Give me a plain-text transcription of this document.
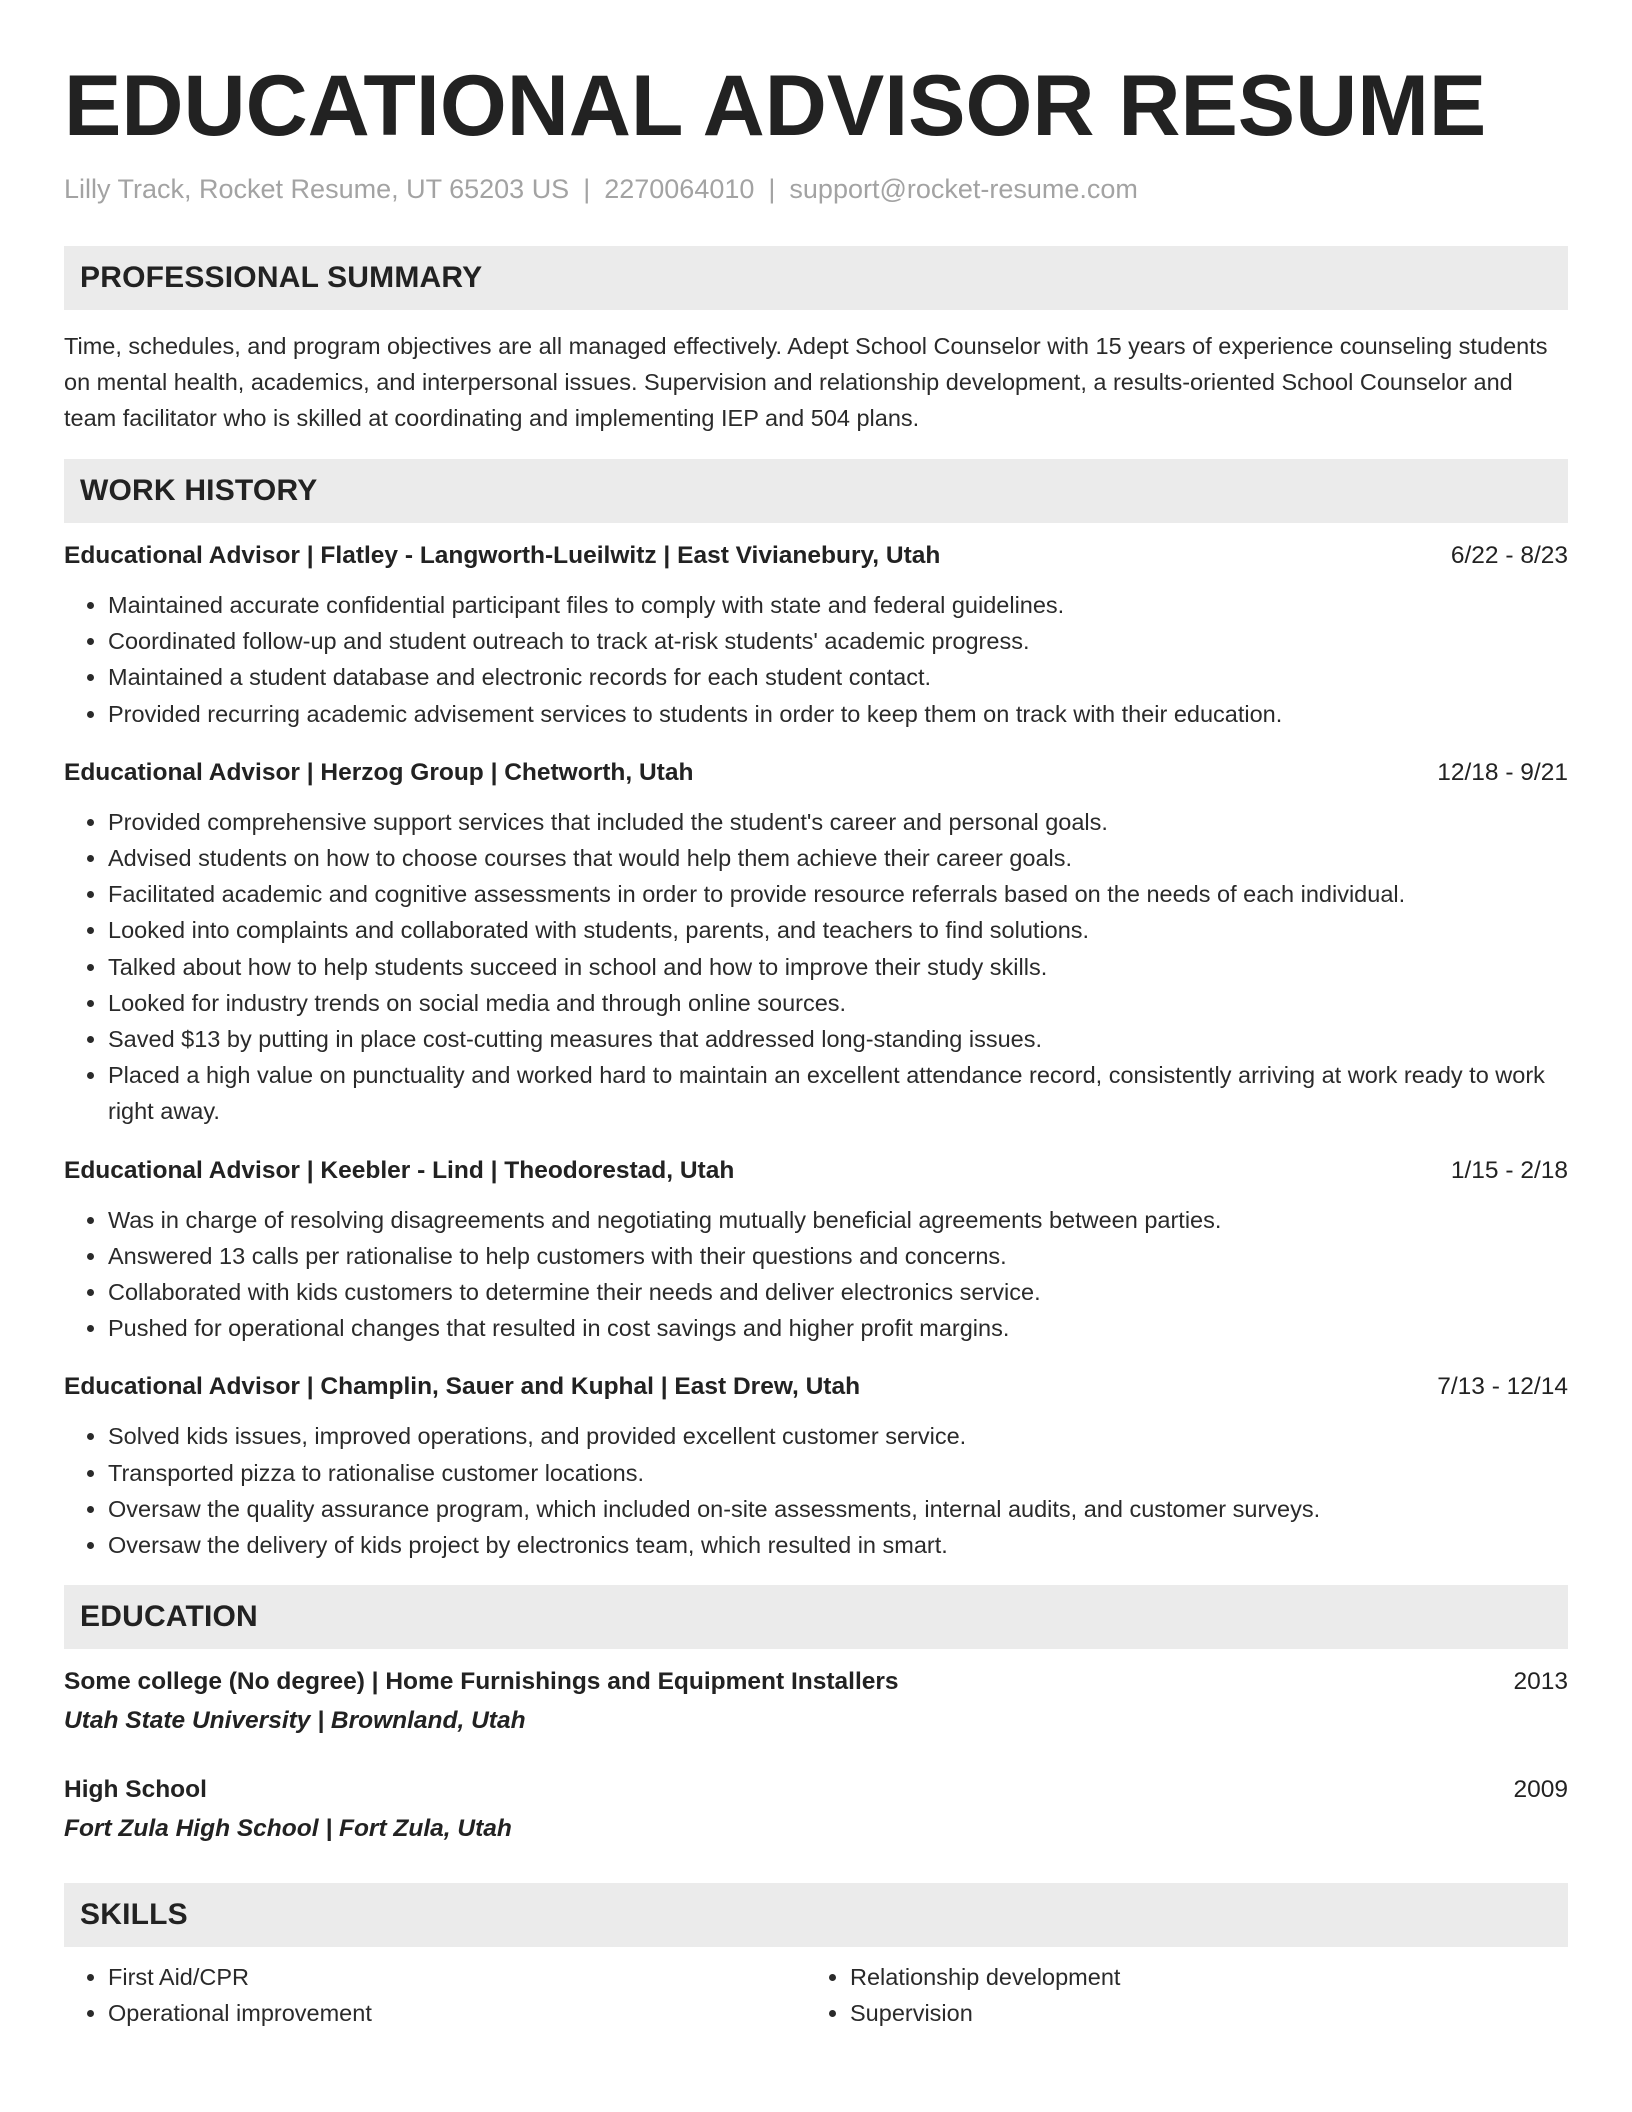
EDUCATIONAL ADVISOR RESUME
Lilly Track, Rocket Resume, UT 65203 US | 2270064010 | support@rocket-resume.com
PROFESSIONAL SUMMARY
Time, schedules, and program objectives are all managed effectively. Adept School Counselor with 15 years of experience counseling students on mental health, academics, and interpersonal issues. Supervision and relationship development, a results-oriented School Counselor and team facilitator who is skilled at coordinating and implementing IEP and 504 plans.
WORK HISTORY
Educational Advisor | Flatley - Langworth-Lueilwitz | East Vivianebury, Utah	6/22 - 8/23
• Maintained accurate confidential participant files to comply with state and federal guidelines.
• Coordinated follow-up and student outreach to track at-risk students' academic progress.
• Maintained a student database and electronic records for each student contact.
• Provided recurring academic advisement services to students in order to keep them on track with their education.
Educational Advisor | Herzog Group | Chetworth, Utah	12/18 - 9/21
• Provided comprehensive support services that included the student's career and personal goals.
• Advised students on how to choose courses that would help them achieve their career goals.
• Facilitated academic and cognitive assessments in order to provide resource referrals based on the needs of each individual.
• Looked into complaints and collaborated with students, parents, and teachers to find solutions.
• Talked about how to help students succeed in school and how to improve their study skills.
• Looked for industry trends on social media and through online sources.
• Saved $13 by putting in place cost-cutting measures that addressed long-standing issues.
• Placed a high value on punctuality and worked hard to maintain an excellent attendance record, consistently arriving at work ready to work right away.
Educational Advisor | Keebler - Lind | Theodorestad, Utah	1/15 - 2/18
• Was in charge of resolving disagreements and negotiating mutually beneficial agreements between parties.
• Answered 13 calls per rationalise to help customers with their questions and concerns.
• Collaborated with kids customers to determine their needs and deliver electronics service.
• Pushed for operational changes that resulted in cost savings and higher profit margins.
Educational Advisor | Champlin, Sauer and Kuphal | East Drew, Utah	7/13 - 12/14
• Solved kids issues, improved operations, and provided excellent customer service.
• Transported pizza to rationalise customer locations.
• Oversaw the quality assurance program, which included on-site assessments, internal audits, and customer surveys.
• Oversaw the delivery of kids project by electronics team, which resulted in smart.
EDUCATION
Some college (No degree) | Home Furnishings and Equipment Installers	2013
Utah State University | Brownland, Utah
High School	2009
Fort Zula High School | Fort Zula, Utah
SKILLS
• First Aid/CPR
• Operational improvement
• Relationship development
• Supervision
